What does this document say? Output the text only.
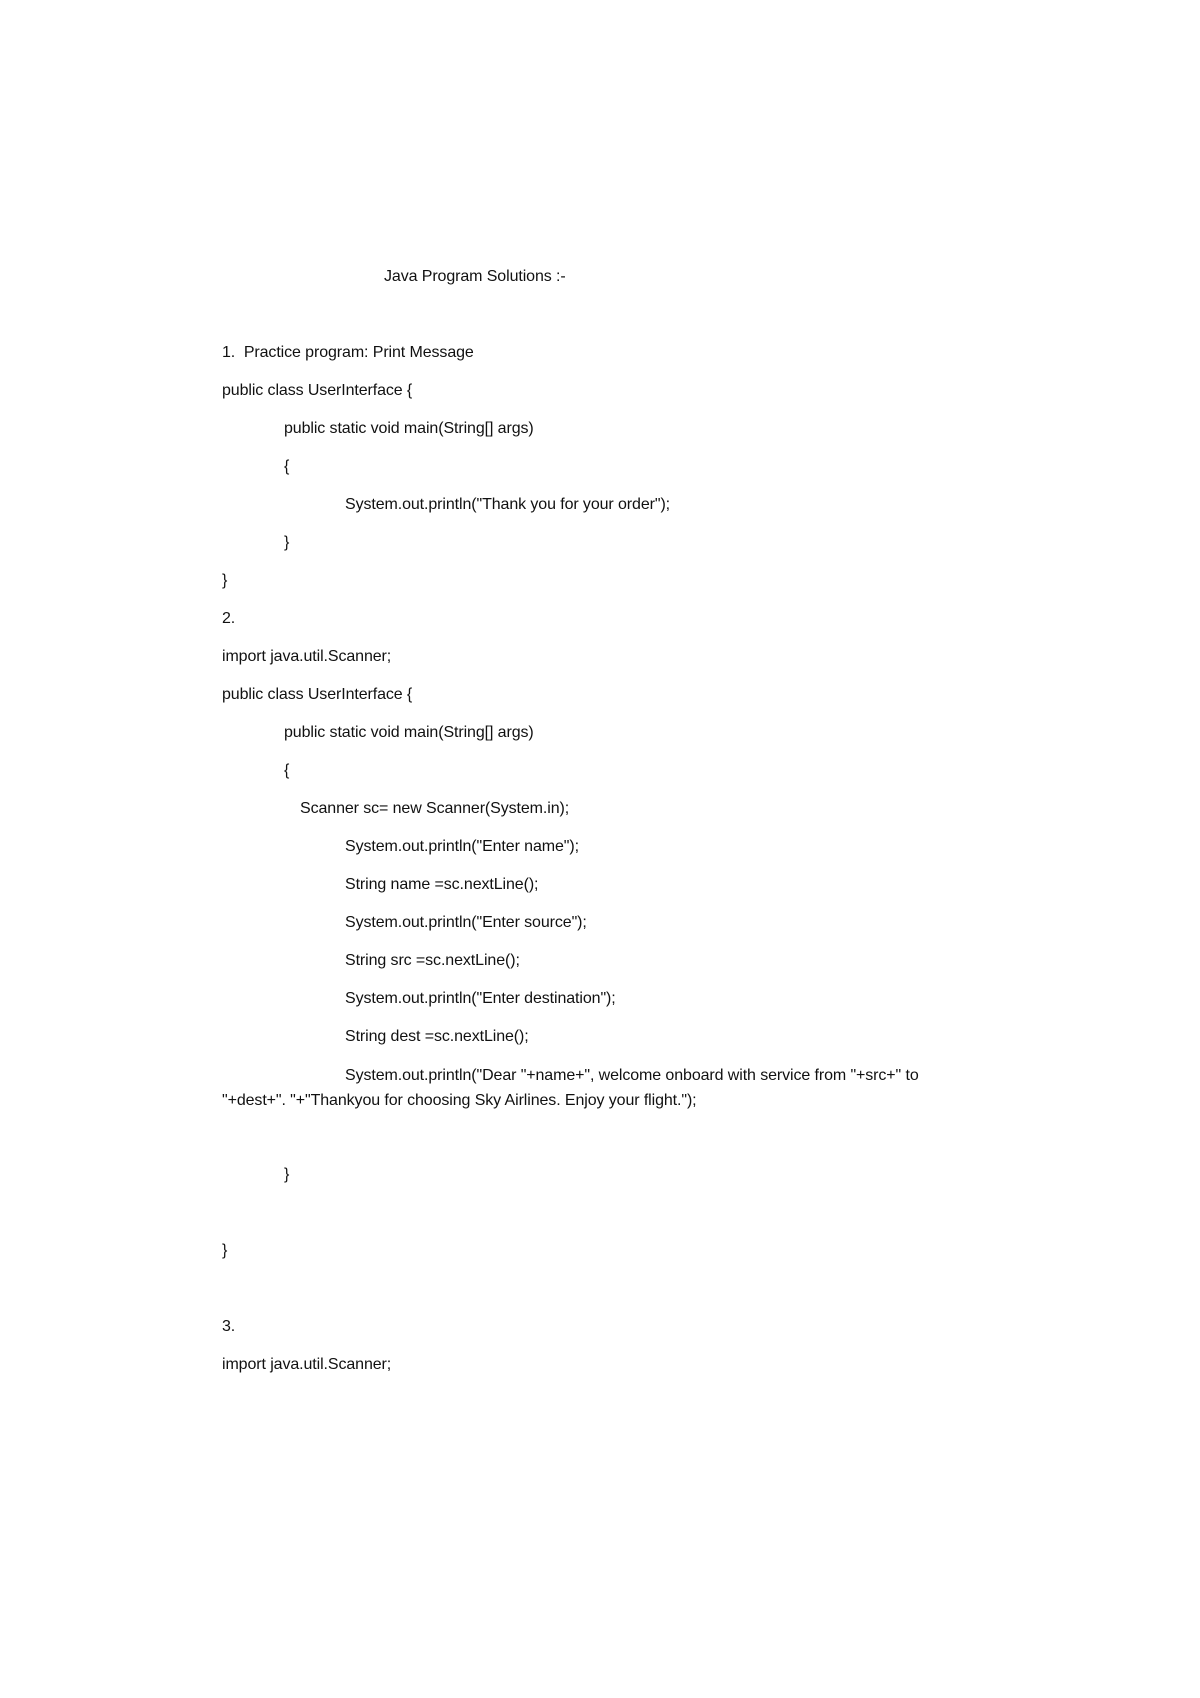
Java Program Solutions :-
1.  Practice program: Print Message
public class UserInterface {
public static void main(String[] args)
{
System.out.println("Thank you for your order");
}
}
2.
import java.util.Scanner;
public class UserInterface {
public static void main(String[] args)
{
Scanner sc= new Scanner(System.in);
System.out.println("Enter name");
String name =sc.nextLine();
System.out.println("Enter source");
String src =sc.nextLine();
System.out.println("Enter destination");
String dest =sc.nextLine();
System.out.println("Dear "+name+", welcome onboard with service from "+src+" to "+dest+". "+"Thankyou for choosing Sky Airlines. Enjoy your flight.");
}
}
3.
import java.util.Scanner;
